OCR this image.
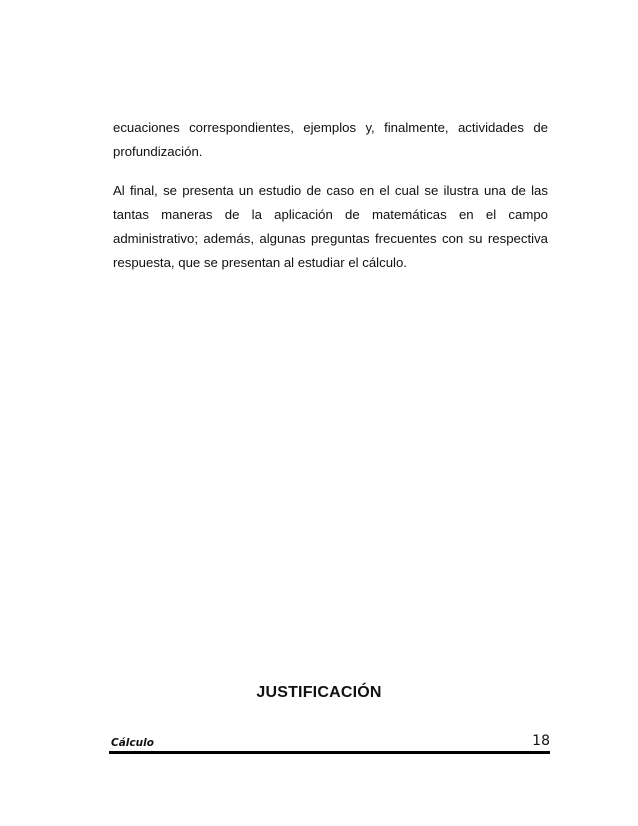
ecuaciones correspondientes, ejemplos y, finalmente, actividades de profundización.

Al final, se presenta un estudio de caso en el cual se ilustra una de las tantas maneras de la aplicación de matemáticas en el campo administrativo; además, algunas preguntas frecuentes con su respectiva respuesta, que se presentan al estudiar el cálculo.

JUSTIFICACIÓN
Cálculo	18
